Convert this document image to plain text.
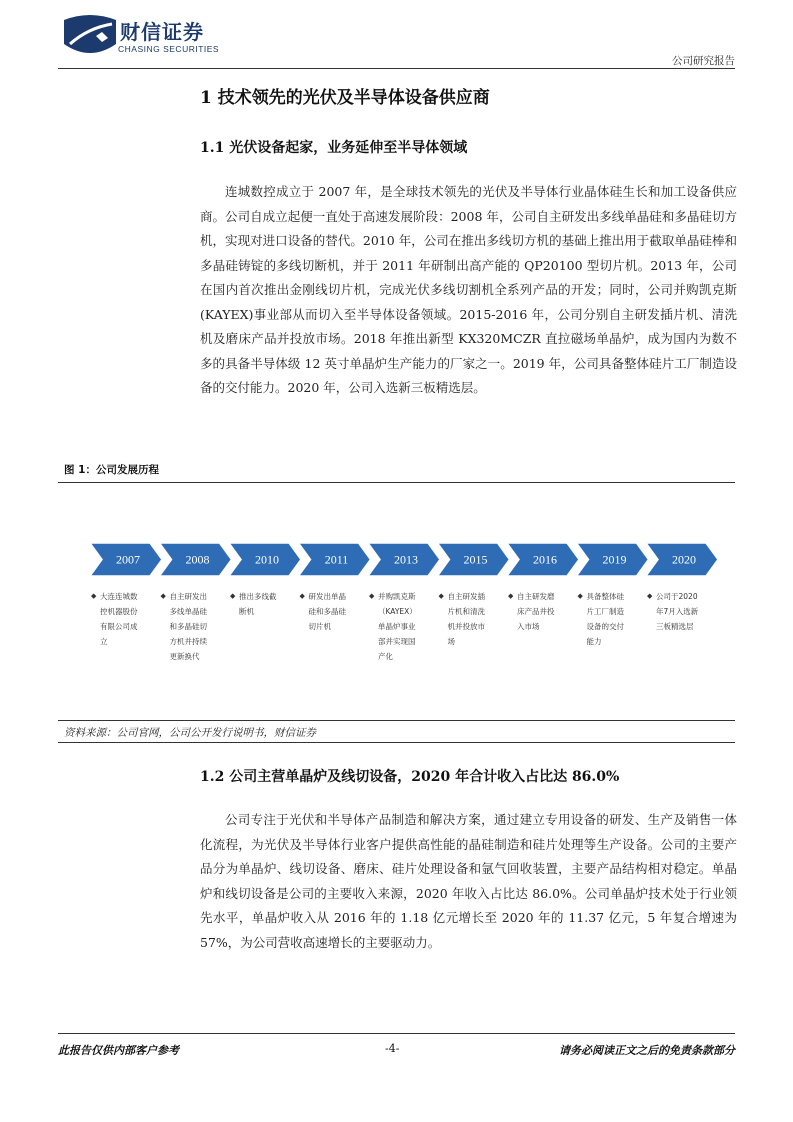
财信证券
CHASING SECURITIES
公司研究报告
1 技术领先的光伏及半导体设备供应商
1.1 光伏设备起家，业务延伸至半导体领域
连城数控成立于 2007 年，是全球技术领先的光伏及半导体行业晶体硅生长和加工设备供应商。公司自成立起便一直处于高速发展阶段：2008 年，公司自主研发出多线单晶硅和多晶硅切方机，实现对进口设备的替代。2010 年，公司在推出多线切方机的基础上推出用于截取单晶硅棒和多晶硅铸锭的多线切断机，并于 2011 年研制出高产能的 QP20100 型切片机。2013 年，公司在国内首次推出金刚线切片机，完成光伏多线切割机全系列产品的开发；同时，公司并购凯克斯(KAYEX)事业部从而切入至半导体设备领域。2015-2016 年，公司分别自主研发插片机、清洗机及磨床产品并投放市场。2018 年推出新型 KX320MCZR 直拉磁场单晶炉，成为国内为数不多的具备半导体级 12 英寸单晶炉生产能力的厂家之一。2019 年，公司具备整体硅片工厂制造设备的交付能力。2020 年，公司入选新三板精选层。
图 1：公司发展历程
2007	2008	2010	2011	2013	2015	2016	2019	2020
◆ 大连连城数
控机器股份
有限公司成
立
◆ 自主研发出
多线单晶硅
和多晶硅切
方机并持续
更新换代
◆ 推出多线截
断机
◆ 研发出单晶
硅和多晶硅
切片机
◆ 并购凯克斯
（KAYEX）
单晶炉事业
部并实现国
产化
◆ 自主研发插
片机和清洗
机并投放市
场
◆ 自主研发磨
床产品并投
入市场
◆ 具备整体硅
片工厂制造
设备的交付
能力
◆ 公司于2020
年7月入选新
三板精选层
资料来源：公司官网，公司公开发行说明书，财信证券
1.2 公司主营单晶炉及线切设备，2020 年合计收入占比达 86.0%
公司专注于光伏和半导体产品制造和解决方案，通过建立专用设备的研发、生产及销售一体化流程，为光伏及半导体行业客户提供高性能的晶硅制造和硅片处理等生产设备。公司的主要产品分为单晶炉、线切设备、磨床、硅片处理设备和氩气回收装置，主要产品结构相对稳定。单晶炉和线切设备是公司的主要收入来源，2020 年收入占比达 86.0%。公司单晶炉技术处于行业领先水平，单晶炉收入从 2016 年的 1.18 亿元增长至 2020 年的 11.37 亿元，5 年复合增速为 57%，为公司营收高速增长的主要驱动力。
此报告仅供内部客户参考	-4-	请务必阅读正文之后的免责条款部分
